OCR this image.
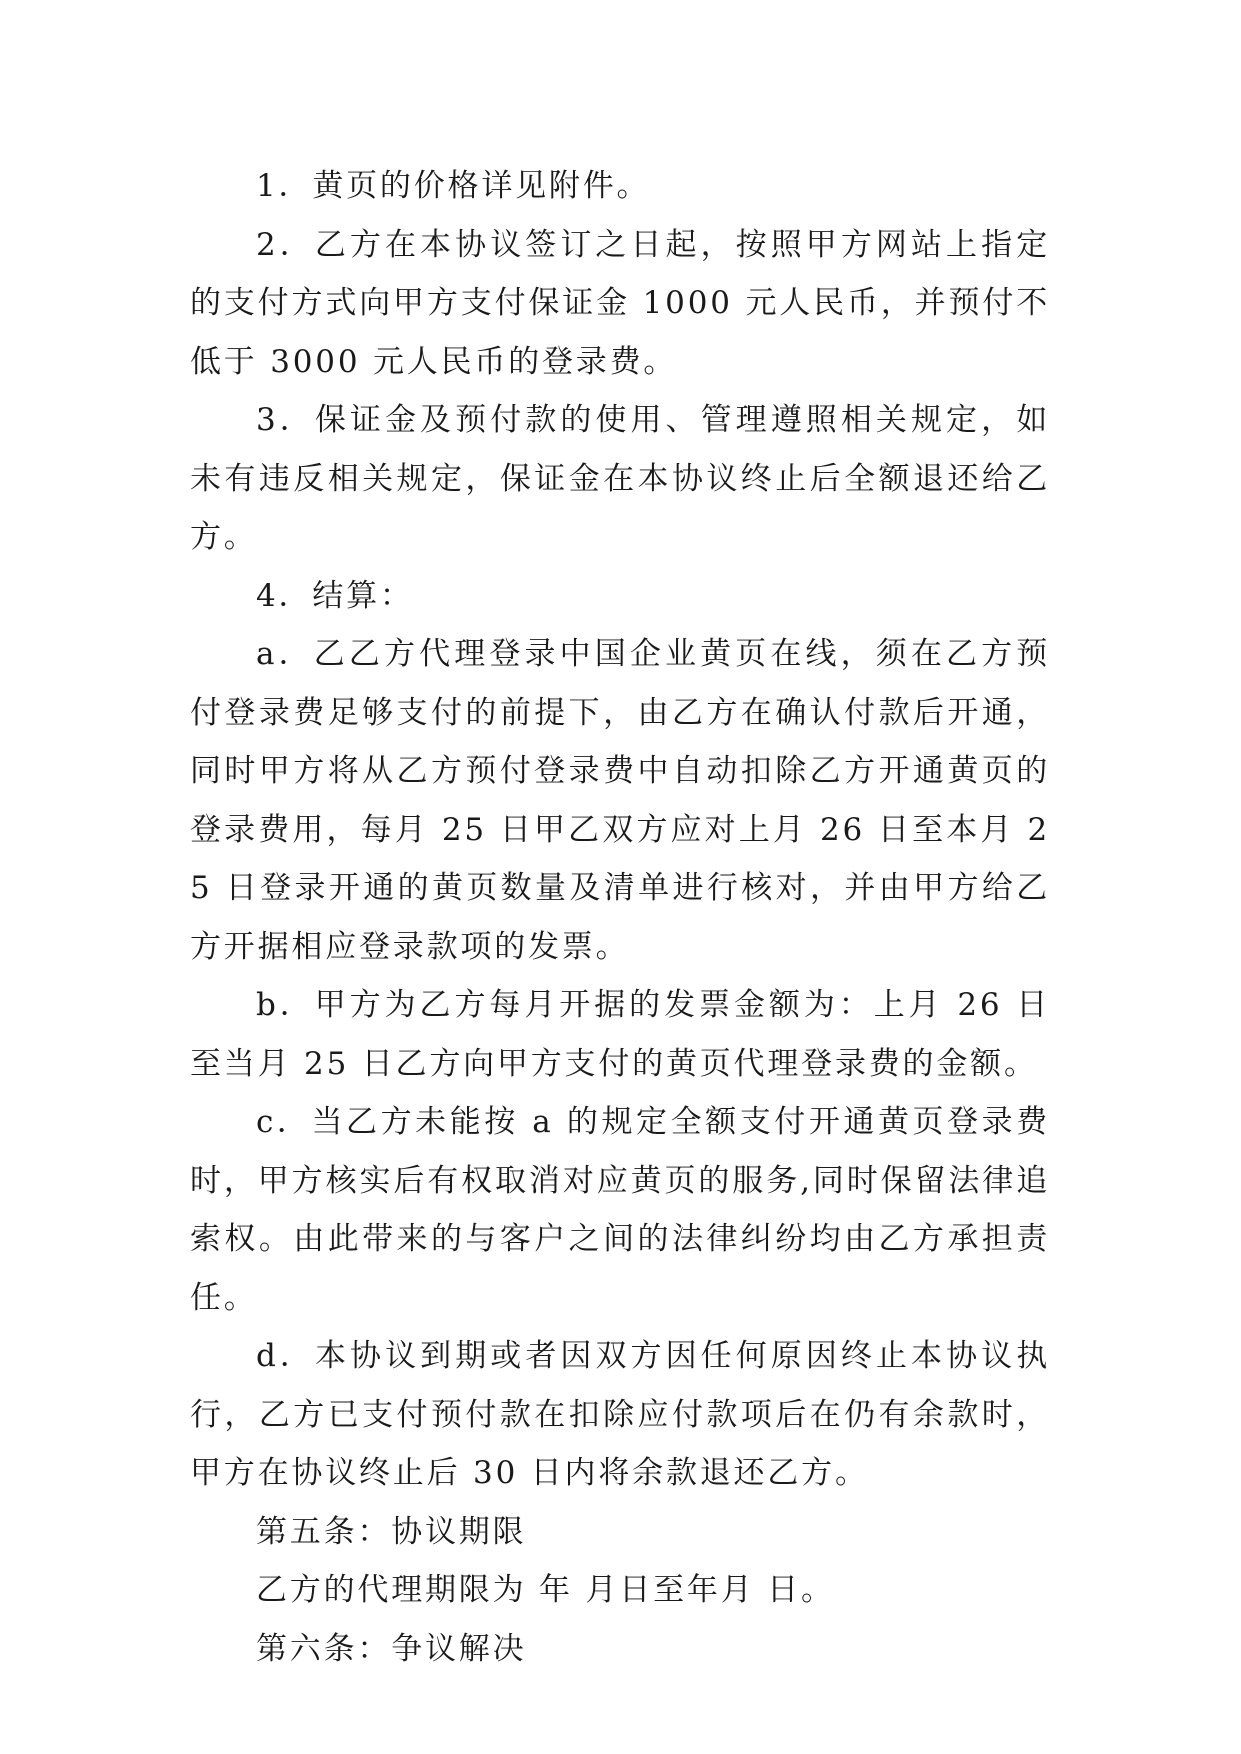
1．黄页的价格详见附件。

2．乙方在本协议签订之日起，按照甲方网站上指定的支付方式向甲方支付保证金 1000 元人民币，并预付不低于 3000 元人民币的登录费。

3．保证金及预付款的使用、管理遵照相关规定，如未有违反相关规定，保证金在本协议终止后全额退还给乙方。

4．结算：

a．乙乙方代理登录中国企业黄页在线，须在乙方预付登录费足够支付的前提下，由乙方在确认付款后开通，同时甲方将从乙方预付登录费中自动扣除乙方开通黄页的登录费用，每月 25 日甲乙双方应对上月 26 日至本月 25 日登录开通的黄页数量及清单进行核对，并由甲方给乙方开据相应登录款项的发票。

b．甲方为乙方每月开据的发票金额为：上月 26 日至当月 25 日乙方向甲方支付的黄页代理登录费的金额。

c．当乙方未能按 a 的规定全额支付开通黄页登录费时，甲方核实后有权取消对应黄页的服务,同时保留法律追索权。由此带来的与客户之间的法律纠纷均由乙方承担责任。

d．本协议到期或者因双方因任何原因终止本协议执行，乙方已支付预付款在扣除应付款项后在仍有余款时，甲方在协议终止后 30 日内将余款退还乙方。

第五条：协议期限

乙方的代理期限为 年 月日至年月 日。

第六条：争议解决
